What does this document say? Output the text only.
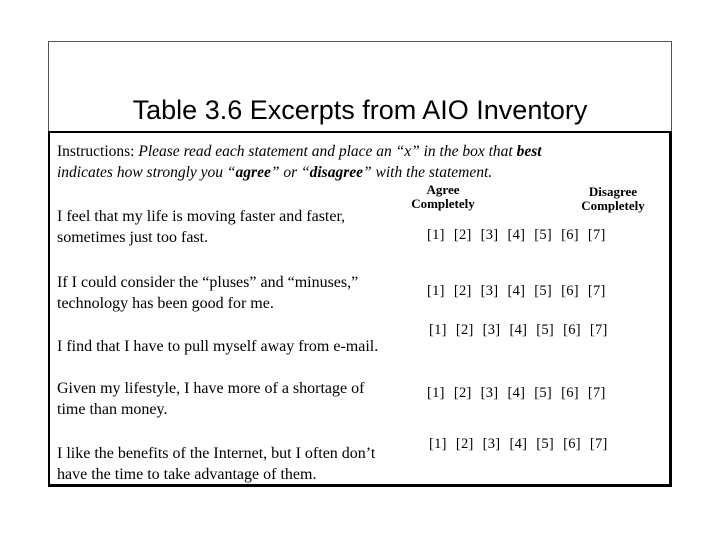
Table 3.6 Excerpts from AIO Inventory
Instructions: Please read each statement and place an “x” in the box that best
indicates how strongly you “agree” or “disagree” with the statement.
Agree
Completely
Disagree
Completely
I feel that my life is moving faster and faster,
sometimes just too fast.	[1] [2] [3] [4] [5] [6] [7]
If I could consider the “pluses” and “minuses,”
technology has been good for me.
[1] [2] [3] [4] [5] [6] [7]
I find that I have to pull myself away from e-mail.
[1] [2] [3] [4] [5] [6] [7]
Given my lifestyle, I have more of a shortage of
time than money.
[1] [2] [3] [4] [5] [6] [7]
I like the benefits of the Internet, but I often don’t
have the time to take advantage of them.
[1] [2] [3] [4] [5] [6] [7]
